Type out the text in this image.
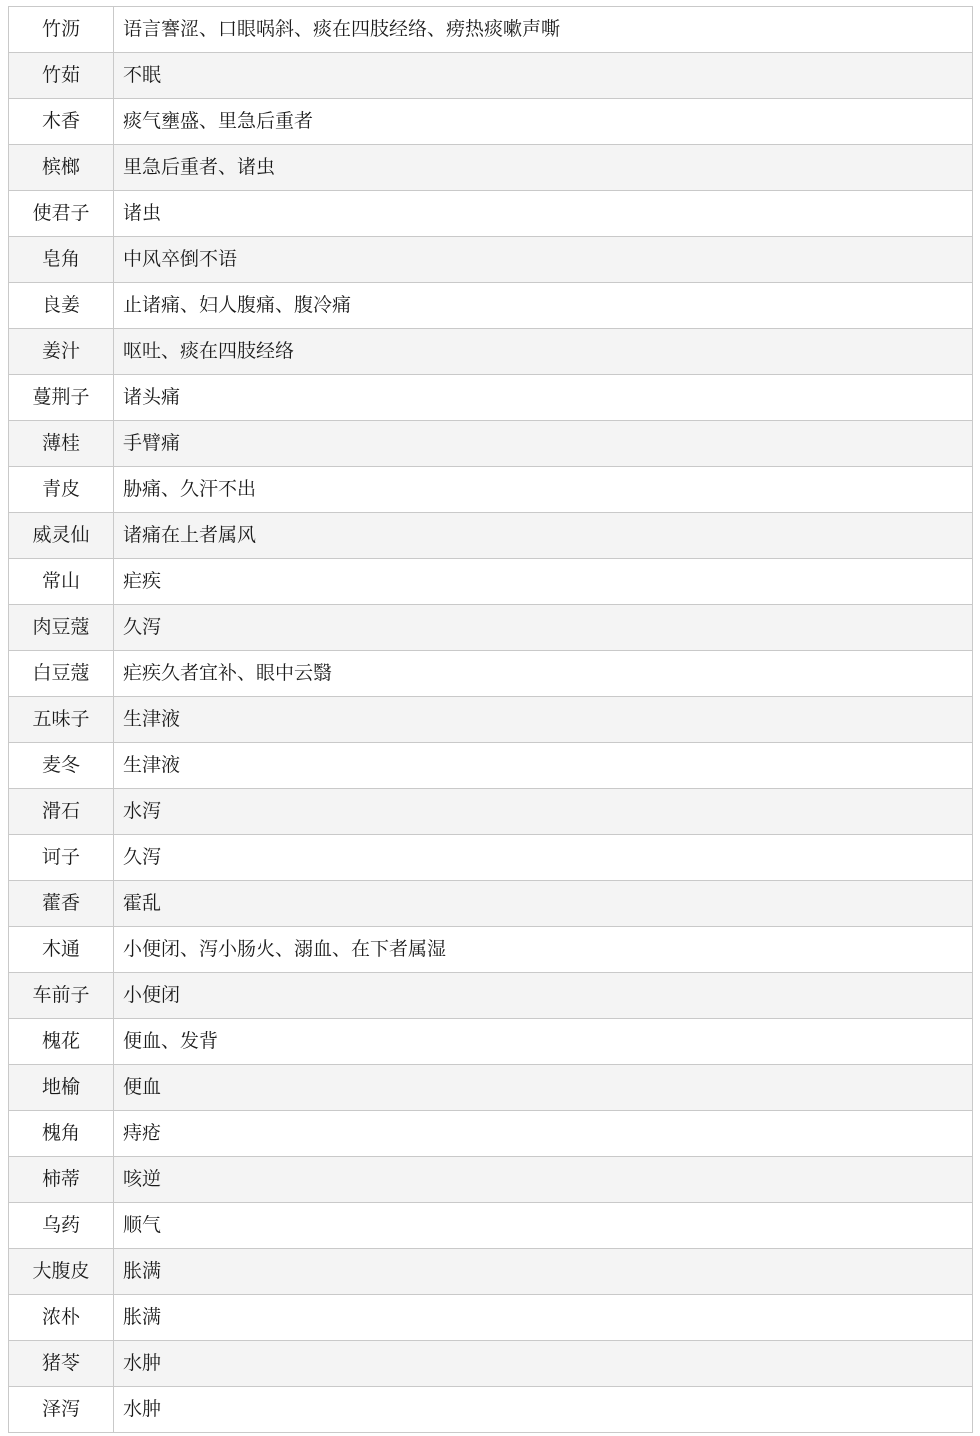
竹沥	语言謇涩、口眼㖞斜、痰在四肢经络、痨热痰嗽声嘶
竹茹	不眠
木香	痰气壅盛、里急后重者
槟榔	里急后重者、诸虫
使君子	诸虫
皂角	中风卒倒不语
良姜	止诸痛、妇人腹痛、腹冷痛
姜汁	呕吐、痰在四肢经络
蔓荆子	诸头痛
薄桂	手臂痛
青皮	胁痛、久汗不出
威灵仙	诸痛在上者属风
常山	疟疾
肉豆蔻	久泻
白豆蔻	疟疾久者宜补、眼中云翳
五味子	生津液
麦冬	生津液
滑石	水泻
诃子	久泻
藿香	霍乱
木通	小便闭、泻小肠火、溺血、在下者属湿
车前子	小便闭
槐花	便血、发背
地榆	便血
槐角	痔疮
柿蒂	咳逆
乌药	顺气
大腹皮	胀满
浓朴	胀满
猪苓	水肿
泽泻	水肿
